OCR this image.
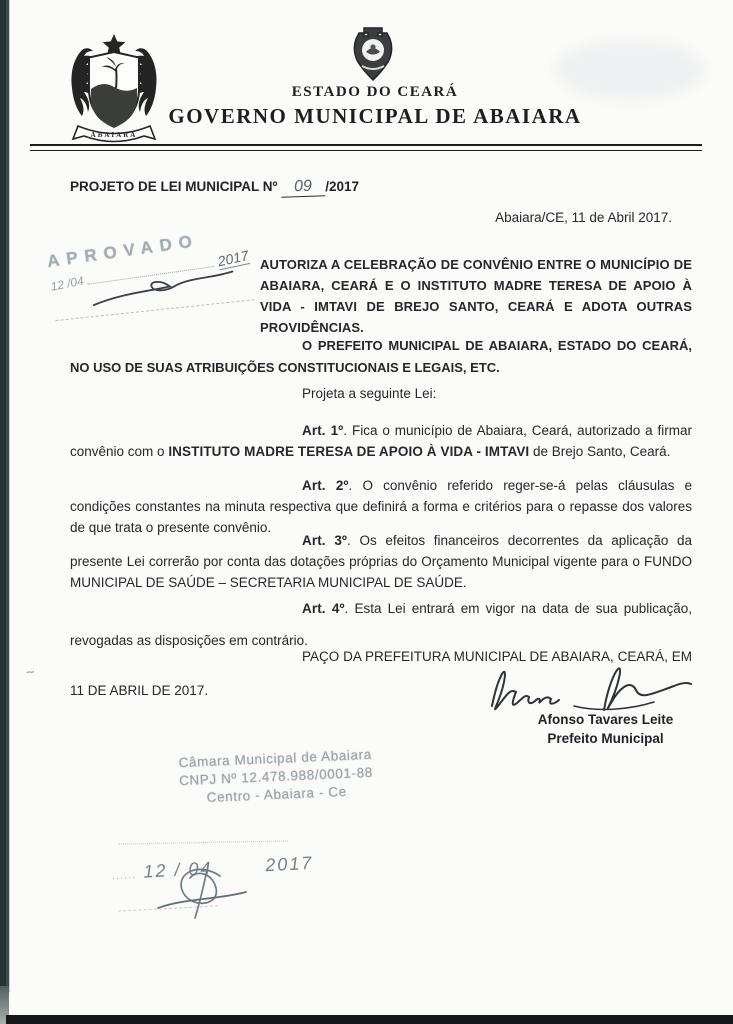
ABAIARA
ESTADO DO CEARÁ
GOVERNO MUNICIPAL DE ABAIARA
PROJETO DE LEI MUNICIPAL Nº 09 /2017
Abaiara/CE, 11 de Abril 2017.
APROVADO
12 /04
2017 AUTORIZA A CELEBRAÇÃO DE CONVÊNIO ENTRE O MUNICÍPIO DE ABAIARA, CEARÁ E O INSTITUTO MADRE TERESA DE APOIO À VIDA - IMTAVI DE BREJO SANTO, CEARÁ E ADOTA OUTRAS PROVIDÊNCIAS.
O PREFEITO MUNICIPAL DE ABAIARA, ESTADO DO CEARÁ, NO USO DE SUAS ATRIBUIÇÕES CONSTITUCIONAIS E LEGAIS, ETC.
Projeta a seguinte Lei:
Art. 1º. Fica o município de Abaiara, Ceará, autorizado a firmar convênio com o INSTITUTO MADRE TERESA DE APOIO À VIDA - IMTAVI de Brejo Santo, Ceará.
Art. 2º. O convênio referido reger-se-á pelas cláusulas e condições constantes na minuta respectiva que definirá a forma e critérios para o repasse dos valores de que trata o presente convênio.
Art. 3º. Os efeitos financeiros decorrentes da aplicação da presente Lei correrão por conta das dotações próprias do Orçamento Municipal vigente para o FUNDO MUNICIPAL DE SAÚDE – SECRETARIA MUNICIPAL DE SAÚDE.
Art. 4º. Esta Lei entrará em vigor na data de sua publicação, revogadas as disposições em contrário.
PAÇO DA PREFEITURA MUNICIPAL DE ABAIARA, CEARÁ, EM 11 DE ABRIL DE 2017.
~
Afonso Tavares Leite
Prefeito Municipal
Câmara Municipal de Abaiara
CNPJ Nº 12.478.988/0001-88
Centro - Abaiara - Ce
...... 12 / 04	2017
